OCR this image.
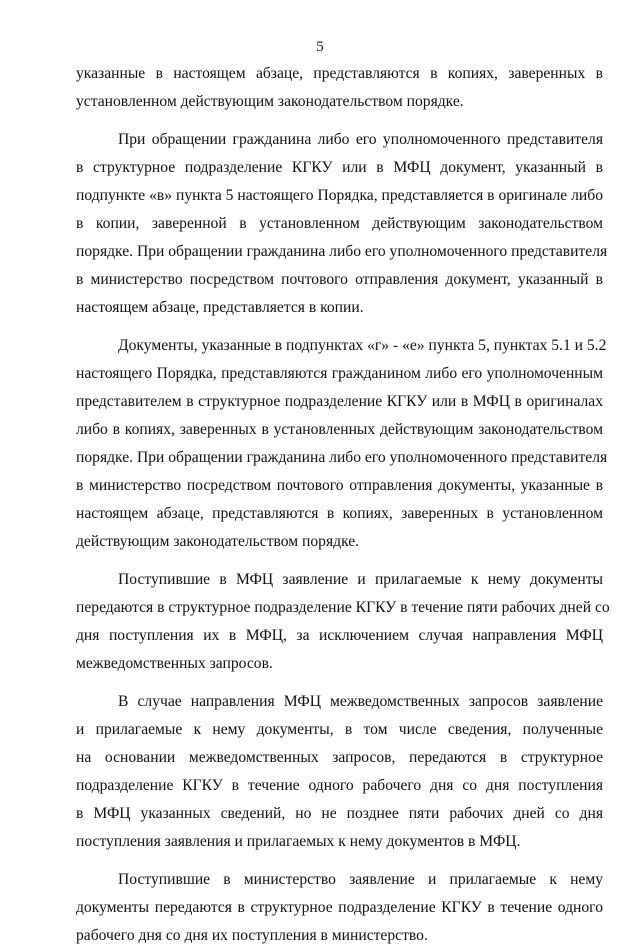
5
указанные в настоящем абзаце, представляются в копиях, заверенных в
установленном действующим законодательством порядке.
При обращении гражданина либо его уполномоченного представителя
в структурное подразделение КГКУ или в МФЦ документ, указанный в
подпункте «в» пункта 5 настоящего Порядка, представляется в оригинале либо
в копии, заверенной в установленном действующим законодательством
порядке. При обращении гражданина либо его уполномоченного представителя
в министерство посредством почтового отправления документ, указанный в
настоящем абзаце, представляется в копии.
Документы, указанные в подпунктах «г» - «е» пункта 5, пунктах 5.1 и 5.2
настоящего Порядка, представляются гражданином либо его уполномоченным
представителем в структурное подразделение КГКУ или в МФЦ в оригиналах
либо в копиях, заверенных в установленных действующим законодательством
порядке. При обращении гражданина либо его уполномоченного представителя
в министерство посредством почтового отправления документы, указанные в
настоящем абзаце, представляются в копиях, заверенных в установленном
действующим законодательством порядке.
Поступившие в МФЦ заявление и прилагаемые к нему документы
передаются в структурное подразделение КГКУ в течение пяти рабочих дней со
дня поступления их в МФЦ, за исключением случая направления МФЦ
межведомственных запросов.
В случае направления МФЦ межведомственных запросов заявление
и прилагаемые к нему документы, в том числе сведения, полученные
на основании межведомственных запросов, передаются в структурное
подразделение КГКУ в течение одного рабочего дня со дня поступления
в МФЦ указанных сведений, но не позднее пяти рабочих дней со дня
поступления заявления и прилагаемых к нему документов в МФЦ.
Поступившие в министерство заявление и прилагаемые к нему
документы передаются в структурное подразделение КГКУ в течение одного
рабочего дня со дня их поступления в министерство.
